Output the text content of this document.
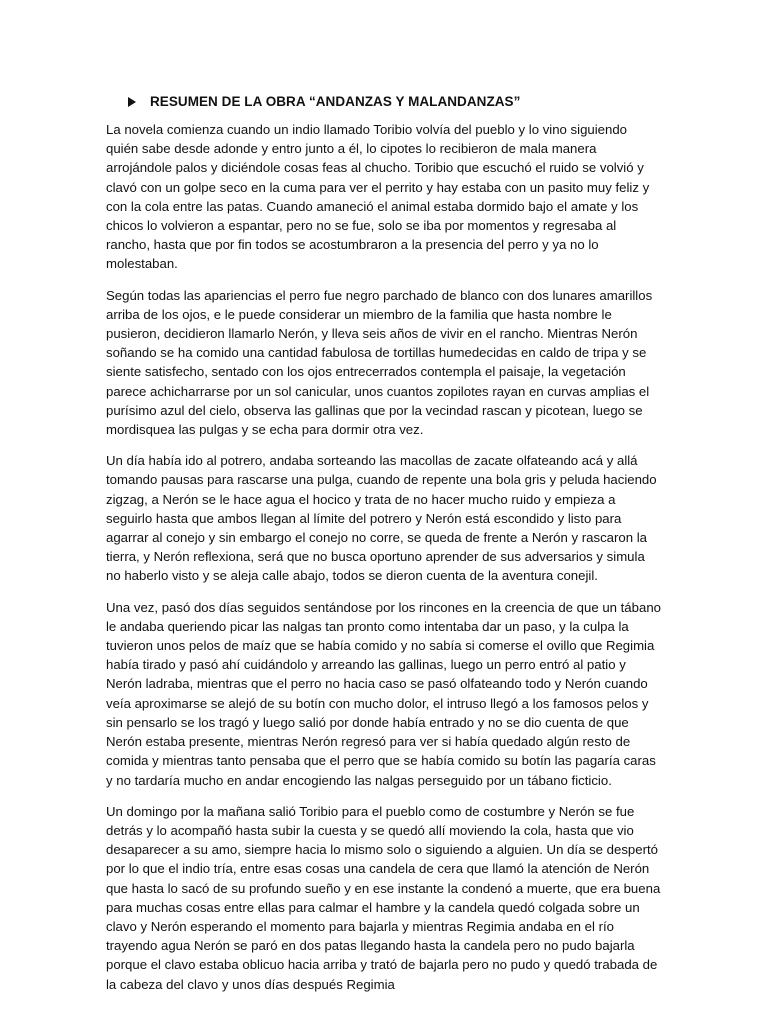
RESUMEN DE LA OBRA “ANDANZAS Y MALANDANZAS”

La novela comienza cuando un indio llamado Toribio volvía del pueblo y lo vino siguiendo quién sabe desde adonde y entro junto a él, lo cipotes lo recibieron de mala manera arrojándole palos y diciéndole cosas feas al chucho. Toribio que escuchó el ruido se volvió y clavó con un golpe seco en la cuma para ver el perrito y hay estaba con un pasito muy feliz y con la cola entre las patas. Cuando amaneció el animal estaba dormido bajo el amate y los chicos lo volvieron a espantar, pero no se fue, solo se iba por momentos y regresaba al rancho, hasta que por fin todos se acostumbraron a la presencia del perro y ya no lo molestaban.

Según todas las apariencias el perro fue negro parchado de blanco con dos lunares amarillos arriba de los ojos, e le puede considerar un miembro de la familia que hasta nombre le pusieron, decidieron llamarlo Nerón, y lleva seis años de vivir en el rancho. Mientras Nerón soñando se ha comido una cantidad fabulosa de tortillas humedecidas en caldo de tripa y se siente satisfecho, sentado con los ojos entrecerrados contempla el paisaje, la vegetación parece achicharrarse por un sol canicular, unos cuantos zopilotes rayan en curvas amplias el purísimo azul del cielo, observa las gallinas que por la vecindad rascan y picotean, luego se mordisquea las pulgas y se echa para dormir otra vez.

Un día había ido al potrero, andaba sorteando las macollas de zacate olfateando acá y allá tomando pausas para rascarse una pulga, cuando de repente una bola gris y peluda haciendo zigzag, a Nerón se le hace agua el hocico y trata de no hacer mucho ruido y empieza a seguirlo hasta que ambos llegan al límite del potrero y Nerón está escondido y listo para agarrar al conejo y sin embargo el conejo no corre, se queda de frente a Nerón y rascaron la tierra, y Nerón reflexiona, será que no busca oportuno aprender de sus adversarios y simula no haberlo visto y se aleja calle abajo, todos se dieron cuenta de la aventura conejil.

Una vez, pasó dos días seguidos sentándose por los rincones en la creencia de que un tábano le andaba queriendo picar las nalgas tan pronto como intentaba dar un paso, y la culpa la tuvieron unos pelos de maíz que se había comido y no sabía si comerse el ovillo que Regimia había tirado y pasó ahí cuidándolo y arreando las gallinas, luego un perro entró al patio y Nerón ladraba, mientras que el perro no hacia caso se pasó olfateando todo y Nerón cuando veía aproximarse se alejó de su botín con mucho dolor, el intruso llegó a los famosos pelos y sin pensarlo se los tragó y luego salió por donde había entrado y no se dio cuenta de que Nerón estaba presente, mientras Nerón regresó para ver si había quedado algún resto de comida y mientras tanto pensaba que el perro que se había comido su botín las pagaría caras y no tardaría mucho en andar encogiendo las nalgas perseguido por un tábano ficticio.

Un domingo por la mañana salió Toribio para el pueblo como de costumbre y Nerón se fue detrás y lo acompañó hasta subir la cuesta y se quedó allí moviendo la cola, hasta que vio desaparecer a su amo, siempre hacia lo mismo solo o siguiendo a alguien. Un día se despertó por lo que el indio tría, entre esas cosas una candela de cera que llamó la atención de Nerón que hasta lo sacó de su profundo sueño y en ese instante la condenó a muerte, que era buena para muchas cosas entre ellas para calmar el hambre y la candela quedó colgada sobre un clavo y Nerón esperando el momento para bajarla y mientras Regimia andaba en el río trayendo agua Nerón se paró en dos patas llegando hasta la candela pero no pudo bajarla porque el clavo estaba oblicuo hacia arriba y trató de bajarla pero no pudo y quedó trabada de la cabeza del clavo y unos días después Regimia
